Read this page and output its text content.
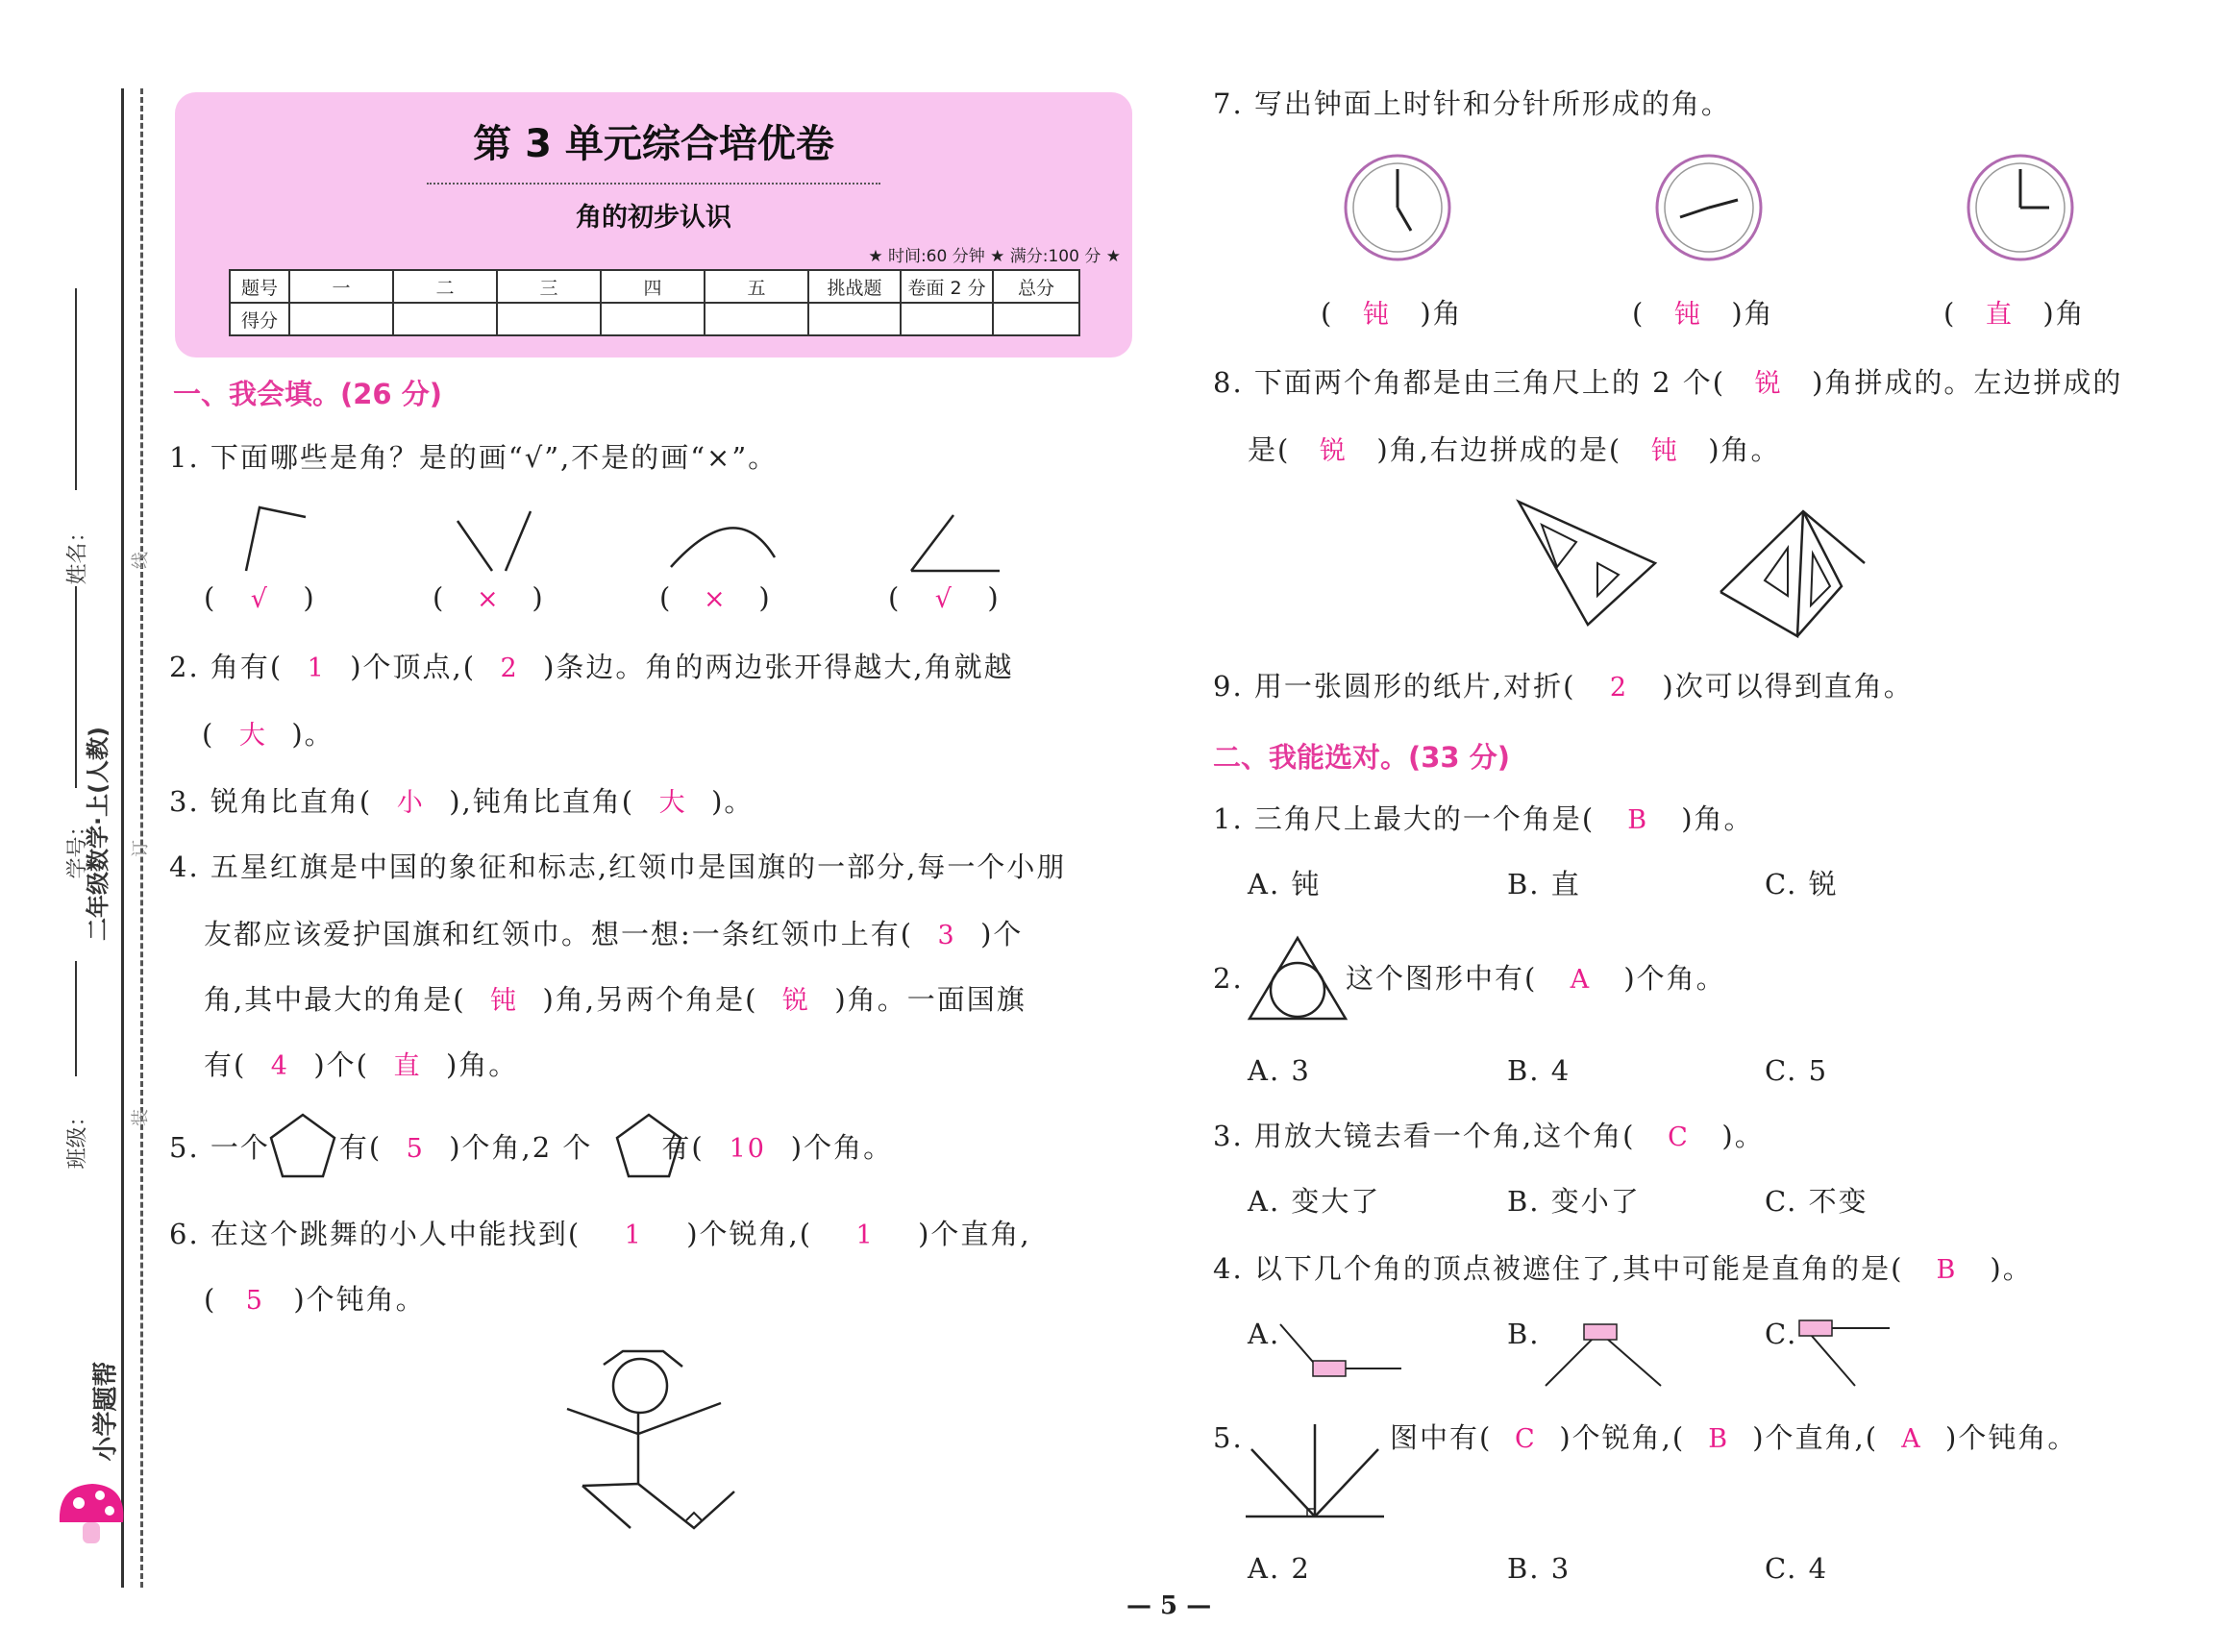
姓名：
学号：
二年级数学·上(人教)
班级：
线
订
装
小学题帮
第 3 单元综合培优卷
角的初步认识
★ 时间:60 分钟 ★ 满分:100 分 ★
题号	一	二	三	四	五	挑战题	卷面 2 分	总分
得分								
一、我会填。(26 分)
1. 下面哪些是角？是的画“√”,不是的画“×”。
( √ )	( × )	( × )	( √ )
2. 角有( 1 )个顶点,( 2 )条边。角的两边张开得越大,角就越
( 大 )。
3. 锐角比直角( 小 ),钝角比直角( 大 )。
4. 五星红旗是中国的象征和标志,红领巾是国旗的一部分,每一个小朋
友都应该爱护国旗和红领巾。想一想:一条红领巾上有( 3 )个
角,其中最大的角是( 钝 )角,另两个角是( 锐 )角。一面国旗
有( 4 )个( 直 )角。
5. 一个 有( 5 )个角,2 个 有( 10 )个角。
6. 在这个跳舞的小人中能找到( 1 )个锐角,( 1 )个直角,
( 5 )个钝角。
7. 写出钟面上时针和分针所形成的角。
( 钝 )角	( 钝 )角	( 直 )角
8. 下面两个角都是由三角尺上的 2 个( 锐 )角拼成的。左边拼成的
是( 锐 )角,右边拼成的是( 钝 )角。
9. 用一张圆形的纸片,对折( 2 )次可以得到直角。
二、我能选对。(33 分)
1. 三角尺上最大的一个角是( B )角。
A. 钝	B. 直	C. 锐
2.	这个图形中有( A )个角。
A. 3	B. 4	C. 5
3. 用放大镜去看一个角,这个角( C )。
A. 变大了	B. 变小了	C. 不变
4. 以下几个角的顶点被遮住了,其中可能是直角的是( B )。
A.	B.	C.
5.	图中有( C )个锐角,( B )个直角,( A )个钝角。
A. 2	B. 3	C. 4
— 5 —
